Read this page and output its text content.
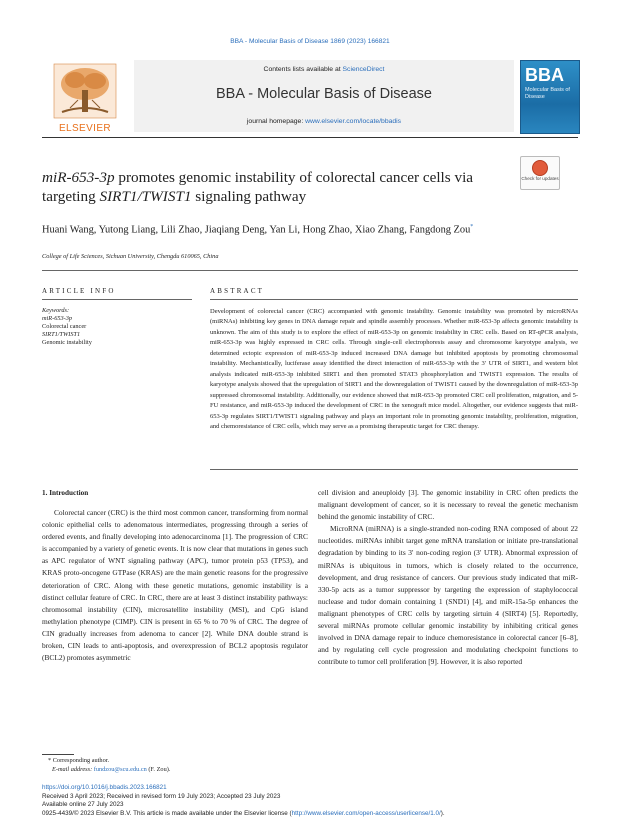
BBA - Molecular Basis of Disease 1869 (2023) 166821
ELSEVIER
Contents lists available at ScienceDirect
BBA - Molecular Basis of Disease
journal homepage: www.elsevier.com/locate/bbadis
BBA
Molecular Basis of Disease
miR-653-3p promotes genomic instability of colorectal cancer cells via targeting SIRT1/TWIST1 signaling pathway
Check for updates
Huani Wang, Yutong Liang, Lili Zhao, Jiaqiang Deng, Yan Li, Hong Zhao, Xiao Zhang, Fangdong Zou*
College of Life Sciences, Sichuan University, Chengdu 610065, China
ARTICLE INFO
Keywords:
miR-653-3p
Colorectal cancer
SIRT1/TWIST1
Genomic instability
ABSTRACT
Development of colorectal cancer (CRC) accompanied with genomic instability. Genomic instability was promoted by microRNAs (miRNAs) inhibiting key genes in DNA damage repair and spindle assembly processes. Whether miR-653-3p affects genomic instability is unknown. The aim of this study is to explore the effect of miR-653-3p on genomic instability in CRC cells. Based on RT-qPCR analysis, miR-653-3p was highly expressed in CRC cells. Through single-cell electrophoresis assay and chromosome karyotype analysis, we determined ectopic expression of miR-653-3p induced increased DNA damage but inhibited apoptosis by promoting chromosomal instability. Mechanistically, luciferase assay identified the direct interaction of miR-653-3p with the 3′ UTR of SIRT1, and western blot analysis indicated miR-653-3p inhibited SIRT1 and then promoted STAT3 phosphorylation and TWIST1 expression. The results of karyotype analysis showed that the upregulation of SIRT1 and the downregulation of TWIST1 caused by the downregulation of miR-653-3p suppressed chromosomal instability. Additionally, our evidence showed that miR-653-3p promoted CRC cell proliferation, migration, and 5-FU resistance, and miR-653-3p induced the development of CRC in the xenograft mice model. Altogether, our evidence suggests that miR-653-3p regulates SIRT1/TWIST1 signaling pathway and plays an important role in promoting genomic instability, proliferation, migration, and chemoresistance of CRC cells, which may serve as a promising therapeutic target for CRC therapy.
1. Introduction
Colorectal cancer (CRC) is the third most common cancer, transforming from normal colonic epithelial cells to adenomatous intermediates, progressing through a series of ordered events, and finally developing into adenocarcinoma [1]. The progression of CRC is accompanied by a variety of genetic events. It is now clear that mutations in genes such as APC regulator of WNT signaling pathway (APC), tumor protein p53 (TP53), and KRAS proto-oncogene GTPase (KRAS) are the main genetic reasons for the progressive deterioration of CRC. Along with these genetic mutations, genomic instability is a distinct cellular feature of CRC. In CRC, there are at least 3 distinct instability pathways: chromosomal instability (CIN), microsatellite instability (MSI), and CpG island methylation phenotype (CIMP). CIN is present in 65 % to 70 % of CRC. The degree of CIN gradually increases from adenoma to cancer [2]. While DNA double strand is broken, CIN leads to anti-apoptosis, and overexpression of BCL2 apoptosis regulator (BCL2) promotes asymmetric
cell division and aneuploidy [3]. The genomic instability in CRC often predicts the malignant development of cancer, so it is necessary to reveal the genetic mechanism behind the genomic instability of CRC.
MicroRNA (miRNA) is a single-stranded non-coding RNA composed of about 22 nucleotides. miRNAs inhibit target gene mRNA translation or initiate pre-translational degradation by binding to its 3′ non-coding region (3′ UTR). Abnormal expression of miRNAs is ubiquitous in tumors, which is closely related to the occurrence, development, and drug resistance of cancers. Our previous study indicated that miR-330-5p acts as a tumor suppressor by targeting the expression of staphylococcal nuclease and tudor domain containing 1 (SND1) [4], and miR-15a-5p enhances the malignant phenotypes of CRC cells by targeting sirtuin 4 (SIRT4) [5]. Reportedly, several miRNAs promote cellular genomic instability by inhibiting critical genes involved in DNA damage repair to induce chemoresistance in colorectal cancer [6–8], and by regulating cell cycle progression and modulating checkpoint functions to contribute to tumor cell proliferation [9]. However, it is also reported
* Corresponding author.
E-mail address: fundzou@scu.edu.cn (F. Zou).
https://doi.org/10.1016/j.bbadis.2023.166821
Received 3 April 2023; Received in revised form 19 July 2023; Accepted 23 July 2023
Available online 27 July 2023
0925-4439/© 2023 Elsevier B.V. This article is made available under the Elsevier license (http://www.elsevier.com/open-access/userlicense/1.0/).
